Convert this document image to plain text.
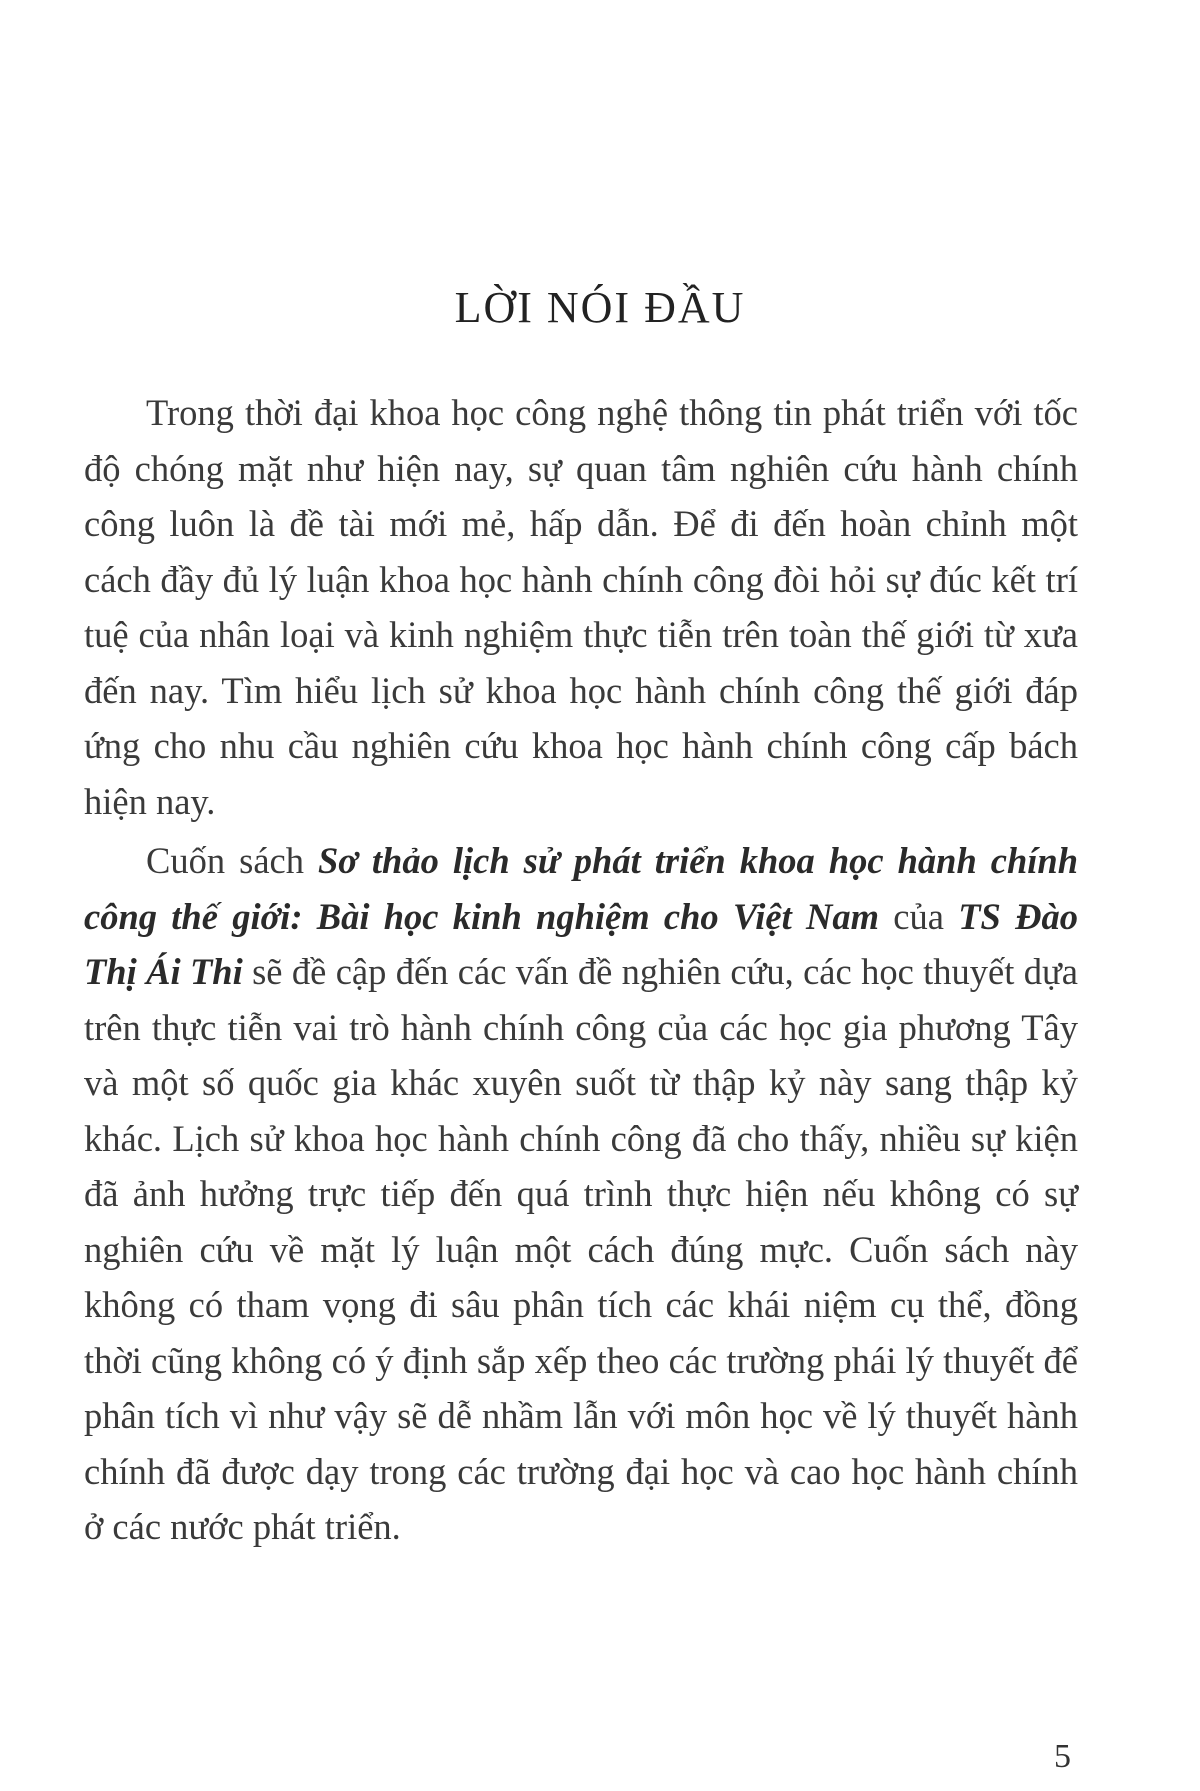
LỜI NÓI ĐẦU

Trong thời đại khoa học công nghệ thông tin phát triển với tốc độ chóng mặt như hiện nay, sự quan tâm nghiên cứu hành chính công luôn là đề tài mới mẻ, hấp dẫn. Để đi đến hoàn chỉnh một cách đầy đủ lý luận khoa học hành chính công đòi hỏi sự đúc kết trí tuệ của nhân loại và kinh nghiệm thực tiễn trên toàn thế giới từ xưa đến nay. Tìm hiểu lịch sử khoa học hành chính công thế giới đáp ứng cho nhu cầu nghiên cứu khoa học hành chính công cấp bách hiện nay.

Cuốn sách Sơ thảo lịch sử phát triển khoa học hành chính công thế giới: Bài học kinh nghiệm cho Việt Nam của TS Đào Thị Ái Thi sẽ đề cập đến các vấn đề nghiên cứu, các học thuyết dựa trên thực tiễn vai trò hành chính công của các học gia phương Tây và một số quốc gia khác xuyên suốt từ thập kỷ này sang thập kỷ khác. Lịch sử khoa học hành chính công đã cho thấy, nhiều sự kiện đã ảnh hưởng trực tiếp đến quá trình thực hiện nếu không có sự nghiên cứu về mặt lý luận một cách đúng mực. Cuốn sách này không có tham vọng đi sâu phân tích các khái niệm cụ thể, đồng thời cũng không có ý định sắp xếp theo các trường phái lý thuyết để phân tích vì như vậy sẽ dễ nhầm lẫn với môn học về lý thuyết hành chính đã được dạy trong các trường đại học và cao học hành chính ở các nước phát triển.

5
